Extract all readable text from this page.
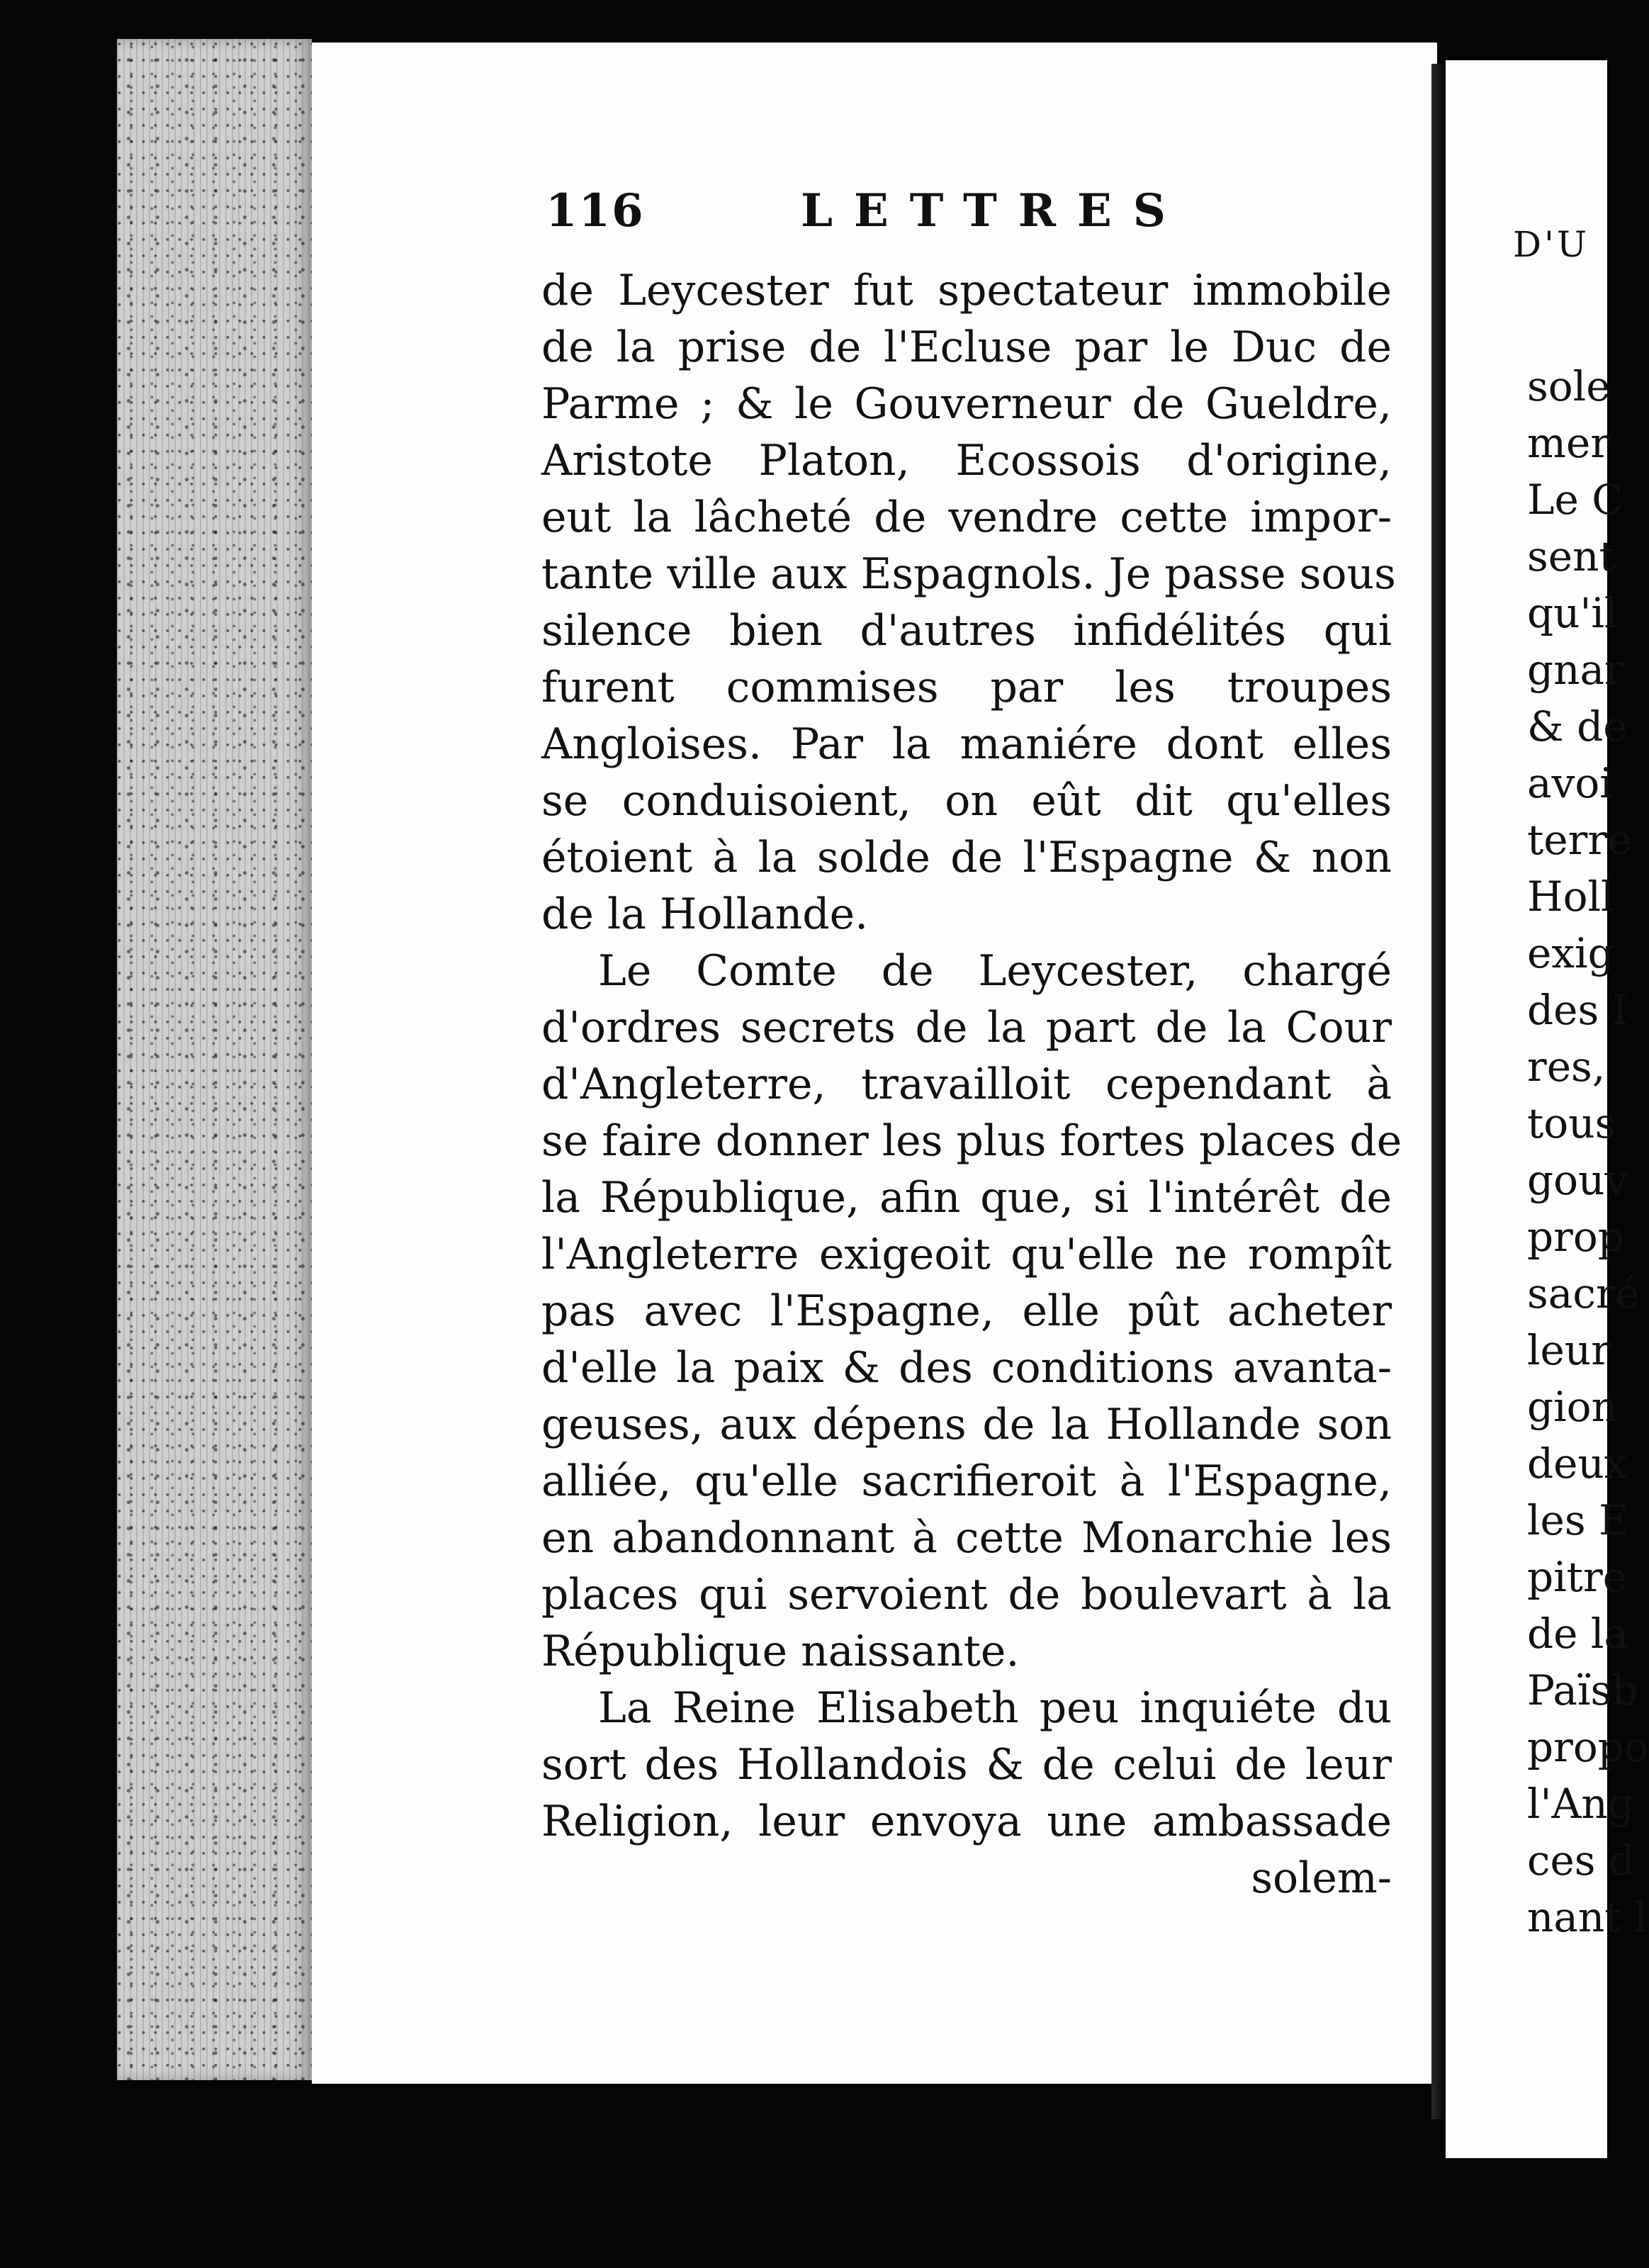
116	LETTRES
de Leycester fut spectateur immobile
de la prise de l'Ecluse par le Duc de
Parme ; & le Gouverneur de Gueldre,
Aristote Platon, Ecossois d'origine,
eut la lâcheté de vendre cette impor-
tante ville aux Espagnols. Je passe sous
silence bien d'autres infidélités qui
furent commises par les troupes
Angloises. Par la maniére dont elles
se conduisoient, on eût dit qu'elles
étoient à la solde de l'Espagne & non
de la Hollande.
Le Comte de Leycester, chargé
d'ordres secrets de la part de la Cour
d'Angleterre, travailloit cependant à
se faire donner les plus fortes places de
la République, afin que, si l'intérêt de
l'Angleterre exigeoit qu'elle ne rompît
pas avec l'Espagne, elle pût acheter
d'elle la paix & des conditions avanta-
geuses, aux dépens de la Hollande son
alliée, qu'elle sacrifieroit à l'Espagne,
en abandonnant à cette Monarchie les
places qui servoient de boulevart à la
République naissante.
La Reine Elisabeth peu inquiéte du
sort des Hollandois & de celui de leur
Religion, leur envoya une ambassade
solem-
D'U
sole
mer
Le C
sent
qu'il
gnar
& de
avoi
terre
Holl
exig
des I
res,
tous
gouv
prop
sacré
leur
gion
deux
les E
pitre
de la
Païsb
propo
l'Ang
ces d
nant l
